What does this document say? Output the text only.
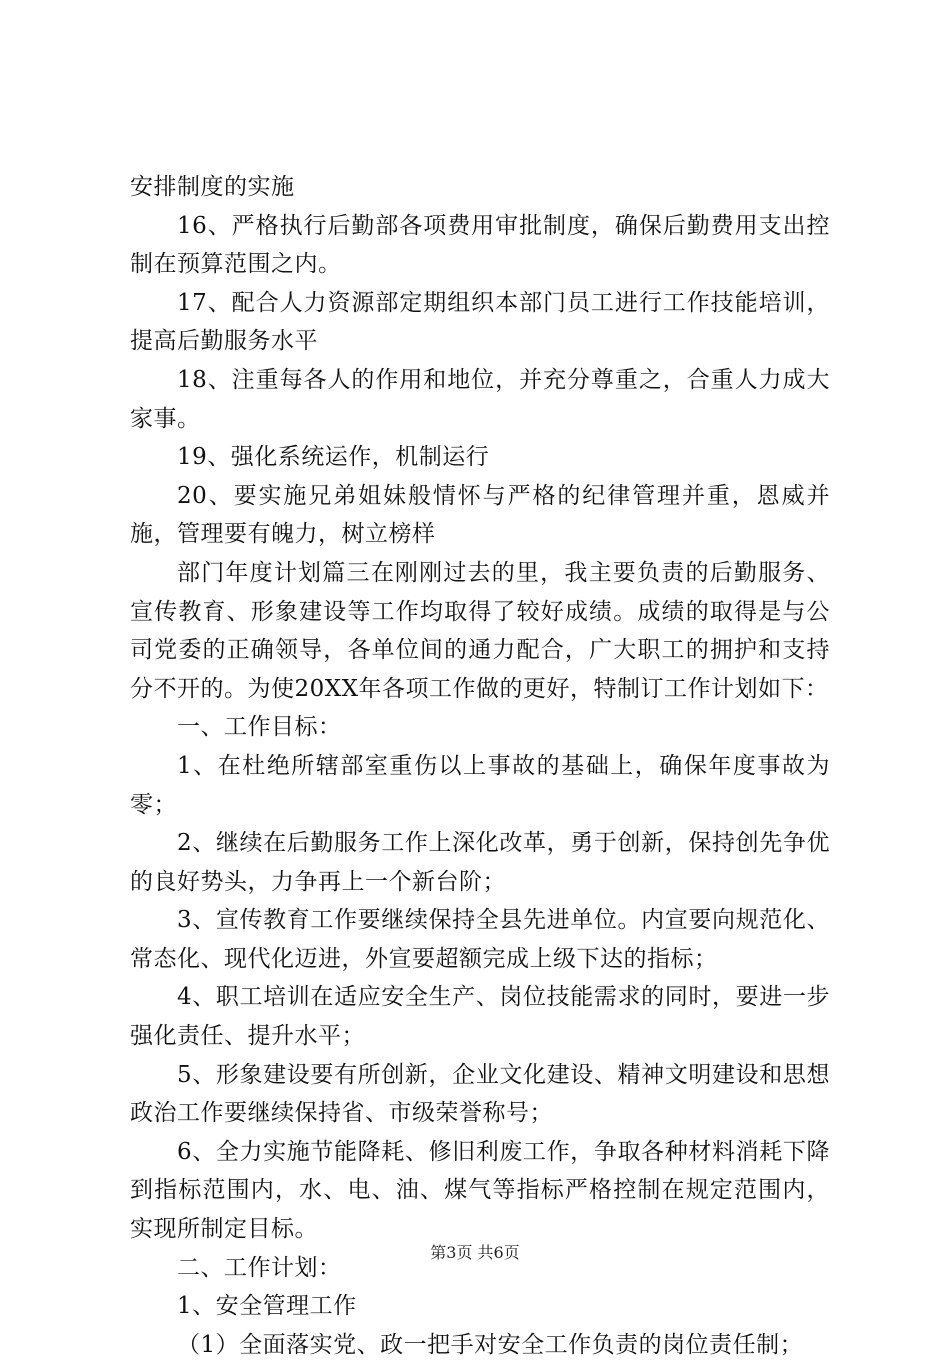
安排制度的实施

16、严格执行后勤部各项费用审批制度，确保后勤费用支出控制在预算范围之内。

17、配合人力资源部定期组织本部门员工进行工作技能培训，提高后勤服务水平

18、注重每各人的作用和地位，并充分尊重之，合重人力成大家事。

19、强化系统运作，机制运行

20、要实施兄弟姐妹般情怀与严格的纪律管理并重，恩威并施，管理要有魄力，树立榜样

部门年度计划篇三在刚刚过去的里，我主要负责的后勤服务、宣传教育、形象建设等工作均取得了较好成绩。成绩的取得是与公司党委的正确领导，各单位间的通力配合，广大职工的拥护和支持分不开的。为使20XX年各项工作做的更好，特制订工作计划如下：

一、工作目标：

1、在杜绝所辖部室重伤以上事故的基础上，确保年度事故为零；

2、继续在后勤服务工作上深化改革，勇于创新，保持创先争优的良好势头，力争再上一个新台阶；

3、宣传教育工作要继续保持全县先进单位。内宣要向规范化、常态化、现代化迈进，外宣要超额完成上级下达的指标；

4、职工培训在适应安全生产、岗位技能需求的同时，要进一步强化责任、提升水平；

5、形象建设要有所创新，企业文化建设、精神文明建设和思想政治工作要继续保持省、市级荣誉称号；

6、全力实施节能降耗、修旧利废工作，争取各种材料消耗下降到指标范围内，水、电、油、煤气等指标严格控制在规定范围内，实现所制定目标。

二、工作计划：

1、安全管理工作

（1）全面落实党、政一把手对安全工作负责的岗位责任制；

第3页 共6页
